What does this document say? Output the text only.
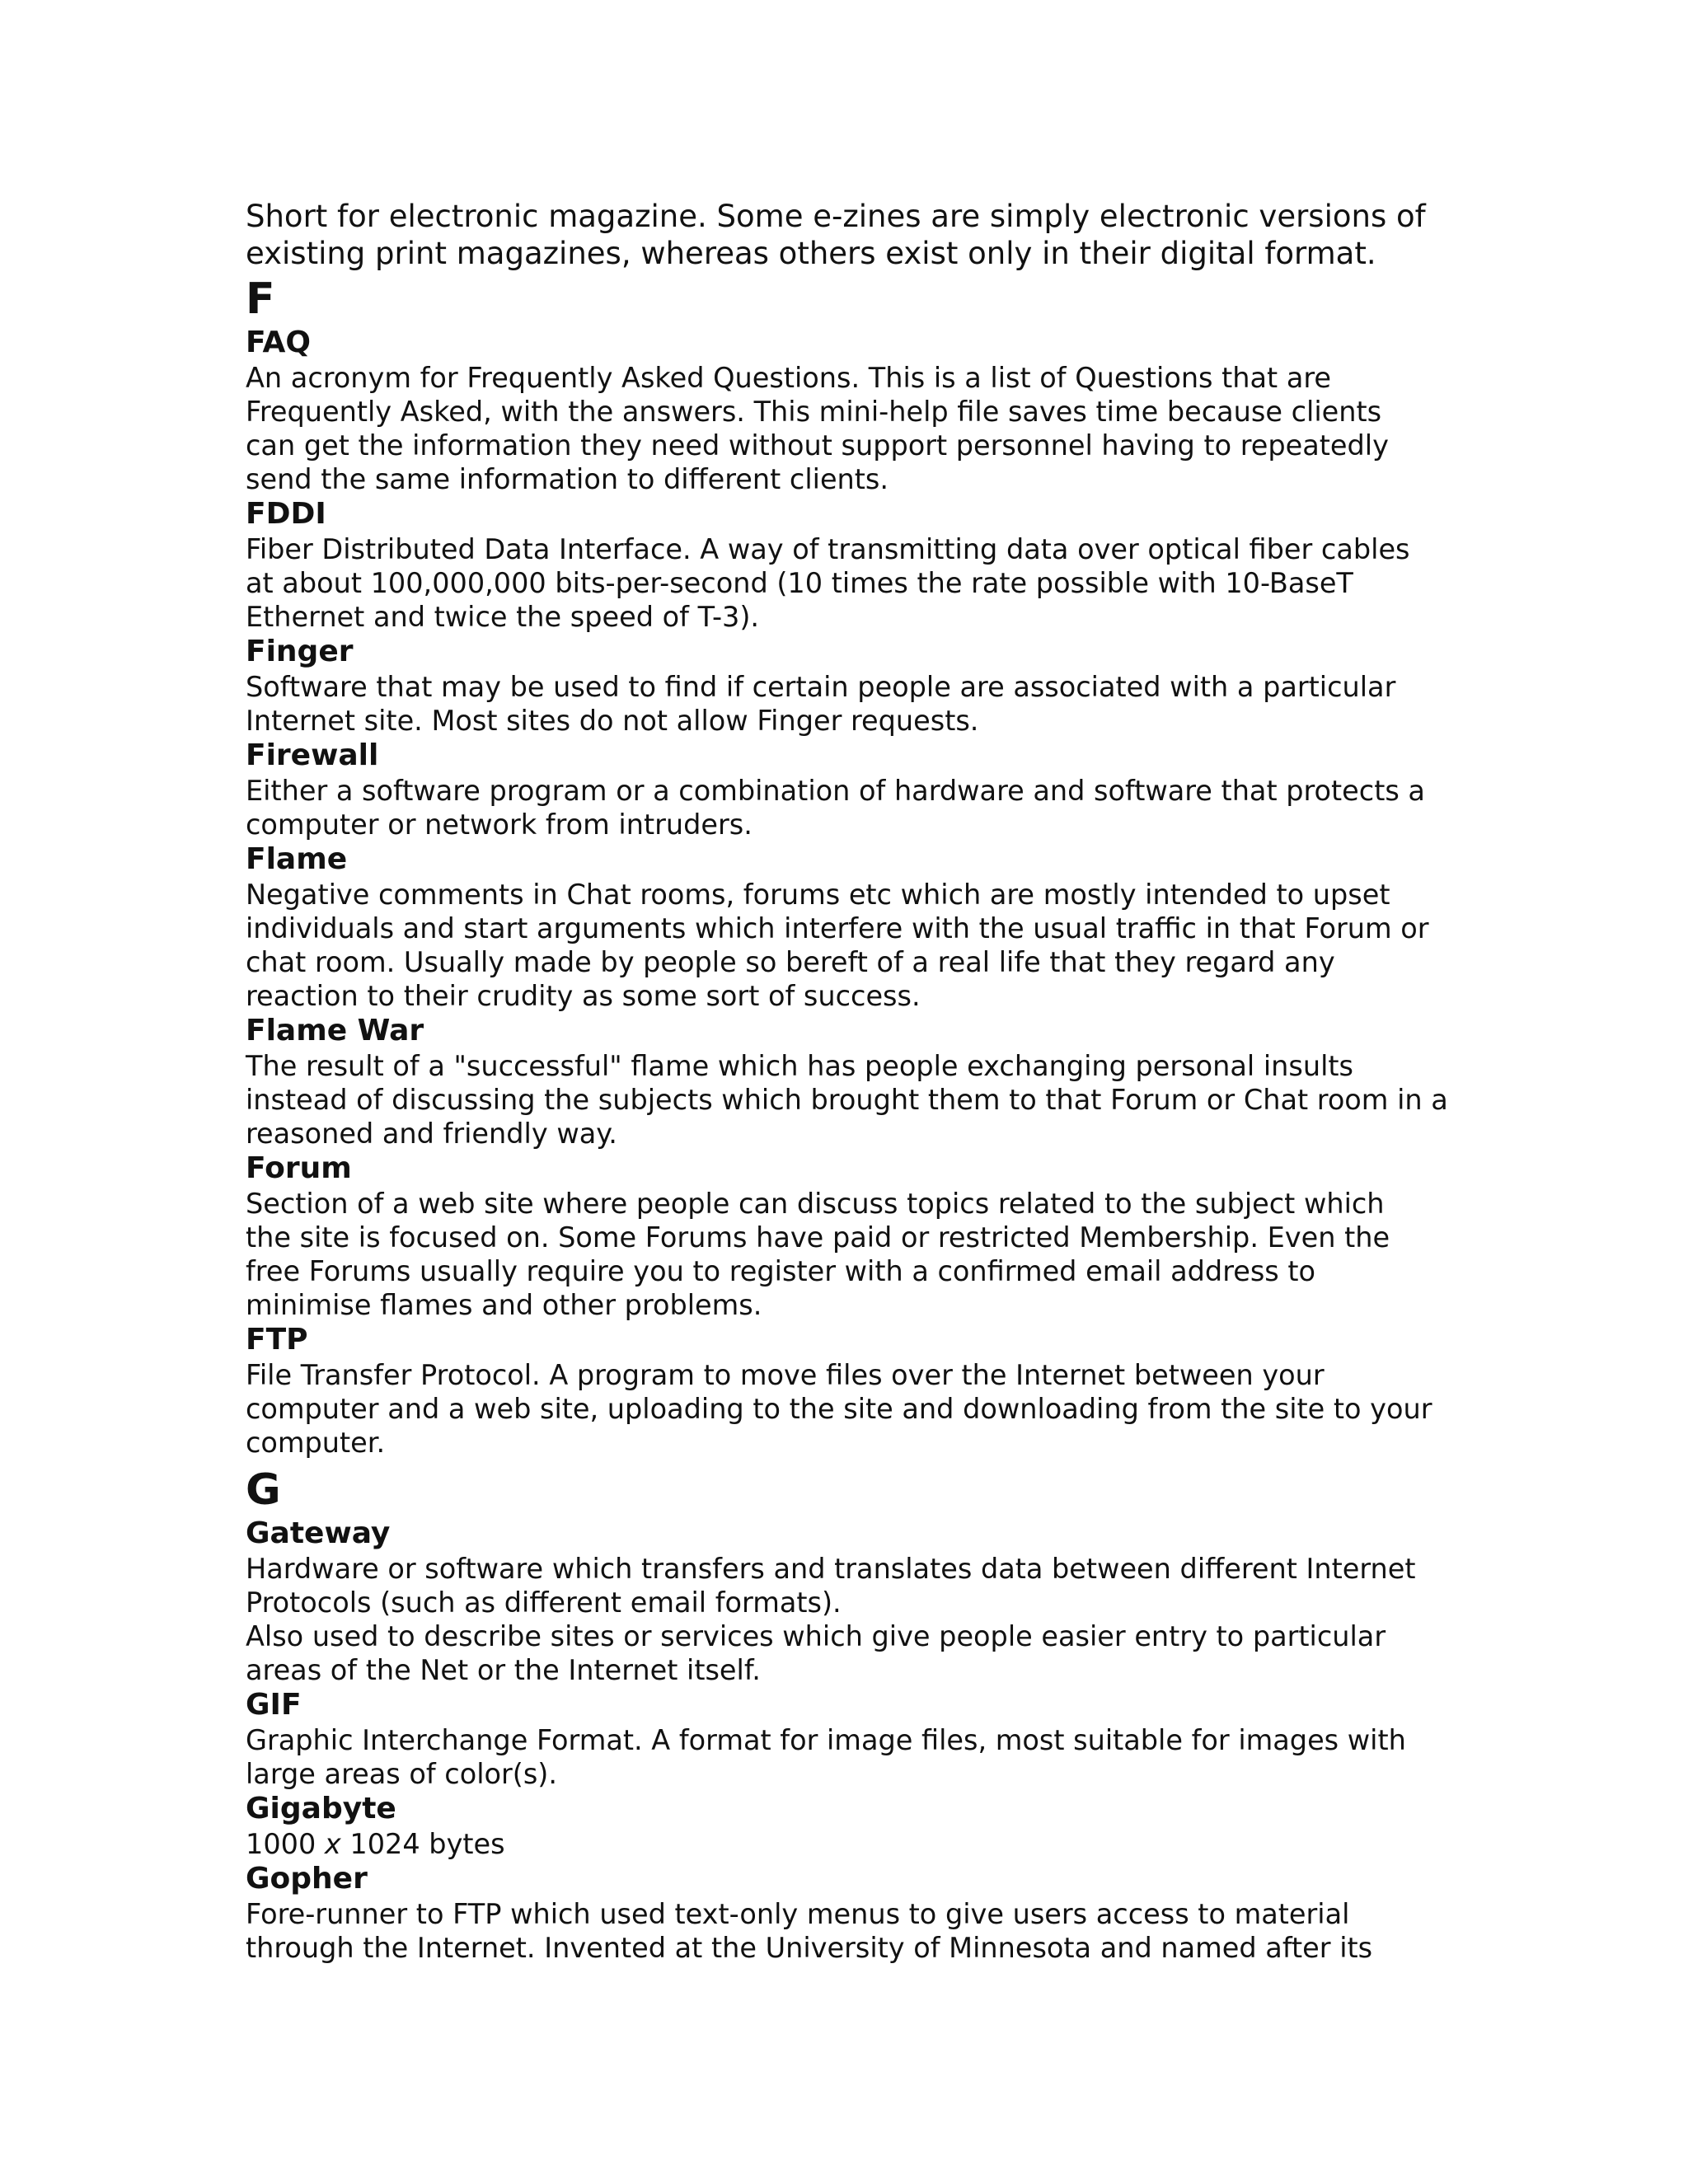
Short for electronic magazine. Some e-zines are simply electronic versions of existing print magazines, whereas others exist only in their digital format.

F
FAQ

An acronym for Frequently Asked Questions. This is a list of Questions that are Frequently Asked, with the answers. This mini-help file saves time because clients can get the information they need without support personnel having to repeatedly send the same information to different clients.

FDDI

Fiber Distributed Data Interface. A way of transmitting data over optical fiber cables at about 100,000,000 bits-per-second (10 times the rate possible with 10-BaseT Ethernet and twice the speed of T-3).

Finger

Software that may be used to find if certain people are associated with a particular Internet site. Most sites do not allow Finger requests.

Firewall

Either a software program or a combination of hardware and software that protects a computer or network from intruders.

Flame

Negative comments in Chat rooms, forums etc which are mostly intended to upset individuals and start arguments which interfere with the usual traffic in that Forum or chat room. Usually made by people so bereft of a real life that they regard any reaction to their crudity as some sort of success.

Flame War

The result of a "successful" flame which has people exchanging personal insults instead of discussing the subjects which brought them to that Forum or Chat room in a reasoned and friendly way.

Forum

Section of a web site where people can discuss topics related to the subject which the site is focused on. Some Forums have paid or restricted Membership. Even the free Forums usually require you to register with a confirmed email address to minimise flames and other problems.

FTP

File Transfer Protocol. A program to move files over the Internet between your computer and a web site, uploading to the site and downloading from the site to your computer.

G
Gateway

Hardware or software which transfers and translates data between different Internet Protocols (such as different email formats).

Also used to describe sites or services which give people easier entry to particular areas of the Net or the Internet itself.

GIF

Graphic Interchange Format. A format for image files, most suitable for images with large areas of color(s).

Gigabyte

1000 x 1024 bytes

Gopher

Fore-runner to FTP which used text-only menus to give users access to material through the Internet. Invented at the University of Minnesota and named after its
